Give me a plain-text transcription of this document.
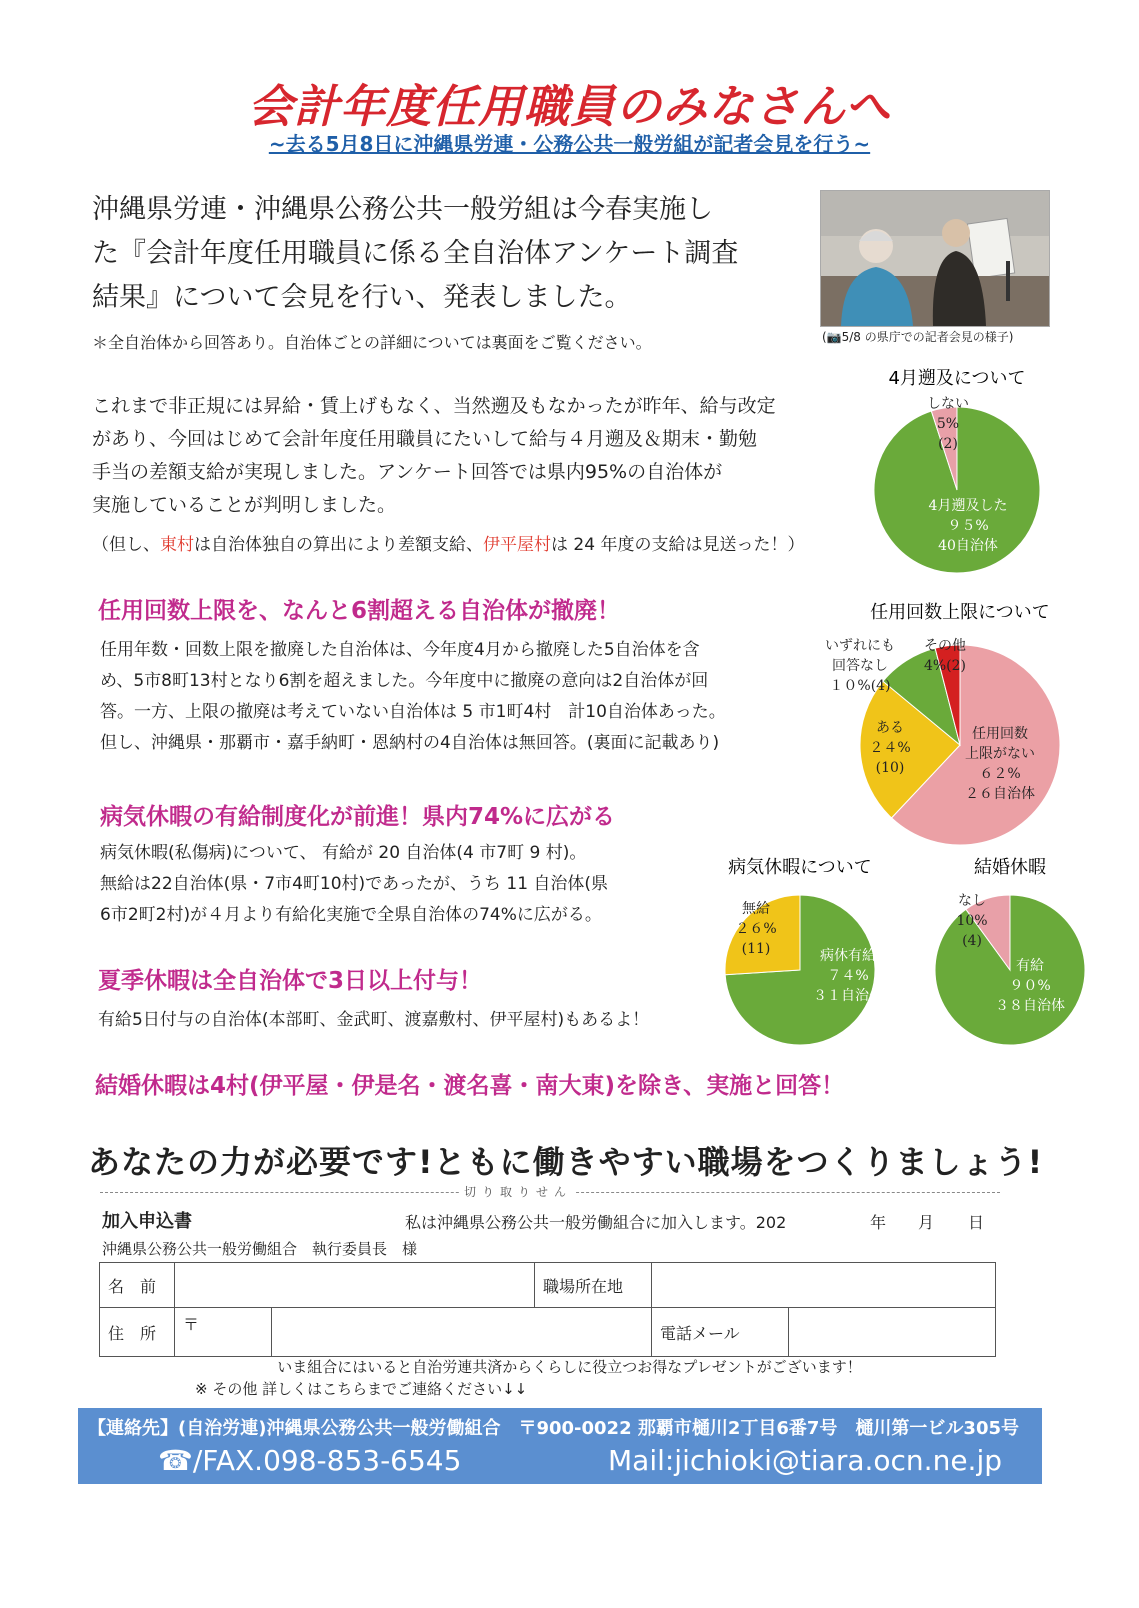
会計年度任用職員のみなさんへ
~去る5月8日に沖縄県労連・公務公共一般労組が記者会見を行う~
沖縄県労連・沖縄県公務公共一般労組は今春実施し
た『会計年度任用職員に係る全自治体アンケート調査
結果』について会見を行い、発表しました。
＊全自治体から回答あり。自治体ごとの詳細については裏面をご覧ください。	(📷5/8 の県庁での記者会見の様子)
これまで非正規には昇給・賃上げもなく、当然遡及もなかったが昨年、給与改定
があり、今回はじめて会計年度任用職員にたいして給与４月遡及＆期末・勤勉
手当の差額支給が実現しました。アンケート回答では県内95%の自治体が
実施していることが判明しました。
（但し、東村は自治体独自の算出により差額支給、伊平屋村は 24 年度の支給は見送った！）
任用回数上限を、なんと6割超える自治体が撤廃！
任用年数・回数上限を撤廃した自治体は、今年度4月から撤廃した5自治体を含
め、5市8町13村となり6割を超えました。今年度中に撤廃の意向は2自治体が回
答。一方、上限の撤廃は考えていない自治体は 5 市1町4村　計10自治体あった。
但し、沖縄県・那覇市・嘉手納町・恩納村の4自治体は無回答。(裏面に記載あり)
病気休暇の有給制度化が前進！県内74%に広がる
病気休暇(私傷病)について、 有給が 20 自治体(4 市7町 9 村)。
無給は22自治体(県・7市4町10村)であったが、うち 11 自治体(県
6市2町2村)が４月より有給化実施で全県自治体の74%に広がる。
夏季休暇は全自治体で3日以上付与！
有給5日付与の自治体(本部町、金武町、渡嘉敷村、伊平屋村)もあるよ！
結婚休暇は4村(伊平屋・伊是名・渡名喜・南大東)を除き、実施と回答！
4月遡及について
4月遡及した
９５%
40自治体
しない
5%
(2)
任用回数上限について
任用回数
上限がない
６２%
２６自治体
ある
２４%
(10)
いずれにも
回答なし
１０%(4)
その他
4%(2)
病気休暇について
病休有給
７４%
３１自治体
無給
２６%
(11)
結婚休暇
有給
９０%
３８自治体
なし
10%
(4)
あなたの力が必要です!ともに働きやすい職場をつくりましょう!
切り取りせん
加入申込書	私は沖縄県公務公共一般労働組合に加入します。202	年 月 日
沖縄県公務公共一般労働組合　執行委員長　様
名　前			職場所在地		
住　所	〒			電話メール	
いま組合にはいると自治労連共済からくらしに役立つお得なプレゼントがございます！
※ その他 詳しくはこちらまでご連絡ください↓↓
【連絡先】(自治労連)沖縄県公務公共一般労働組合　〒900-0022 那覇市樋川2丁目6番7号　樋川第一ビル305号
☎/FAX.098-853-6545	Mail:jichioki@tiara.ocn.ne.jp
